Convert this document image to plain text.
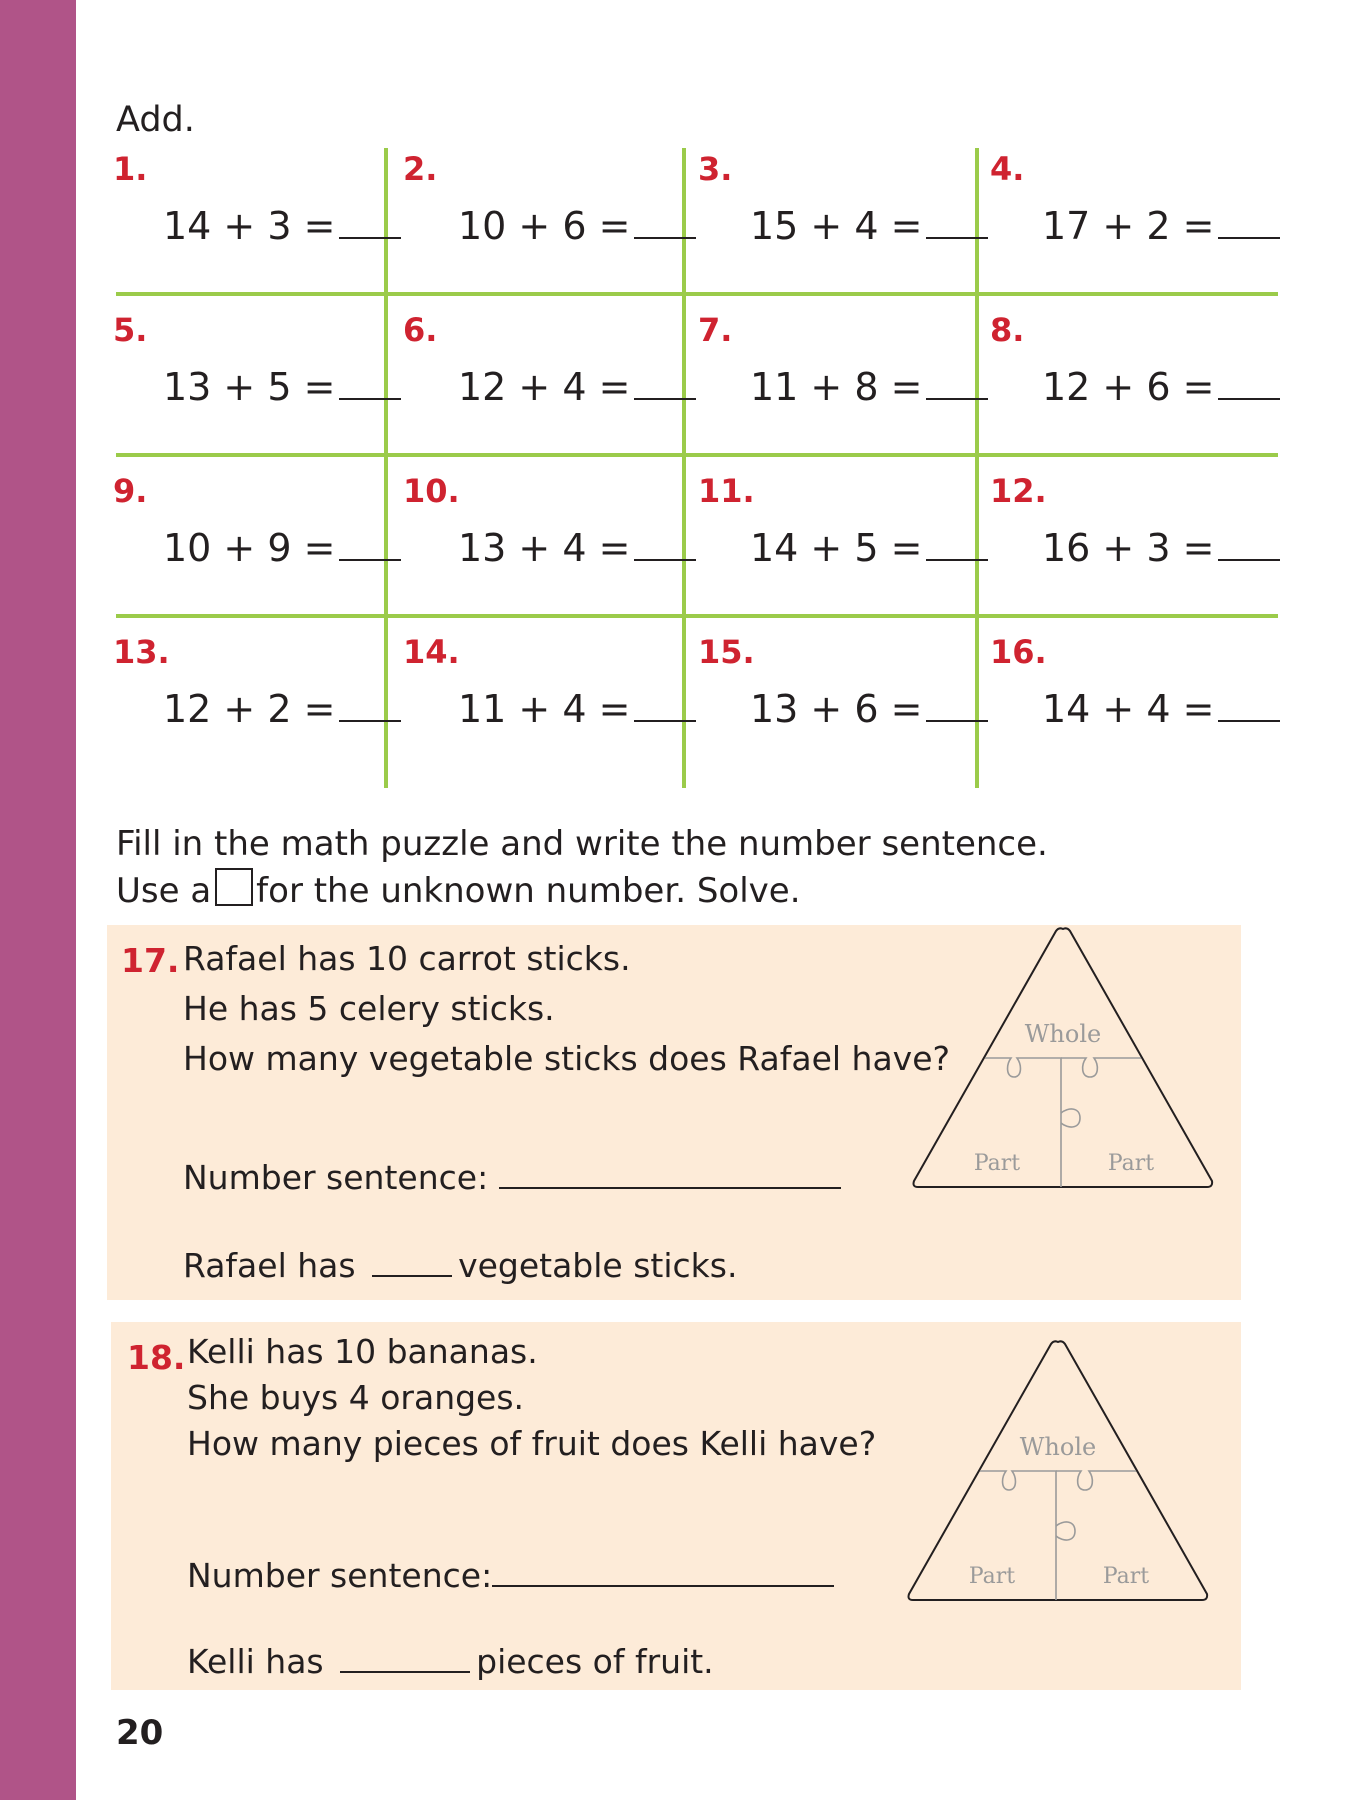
Add.
1.
14 + 3 =
2.
10 + 6 =
3.
15 + 4 =
4.
17 + 2 =
5.
13 + 5 =
6.
12 + 4 =
7.
11 + 8 =
8.
12 + 6 =
9.
10 + 9 =
10.
13 + 4 =
11.
14 + 5 =
12.
16 + 3 =
13.
12 + 2 =
14.
11 + 4 =
15.
13 + 6 =
16.
14 + 4 =
Fill in the math puzzle and write the number sentence.
Use a for the unknown number. Solve.
17. Rafael has 10 carrot sticks.
He has 5 celery sticks.
How many vegetable sticks does Rafael have?
Number sentence:
Rafael has	vegetable sticks.
Whole
Part	Part
18. Kelli has 10 bananas.
She buys 4 oranges.
How many pieces of fruit does Kelli have?
Number sentence:
Kelli has	pieces of fruit.
Whole
Part	Part
20
